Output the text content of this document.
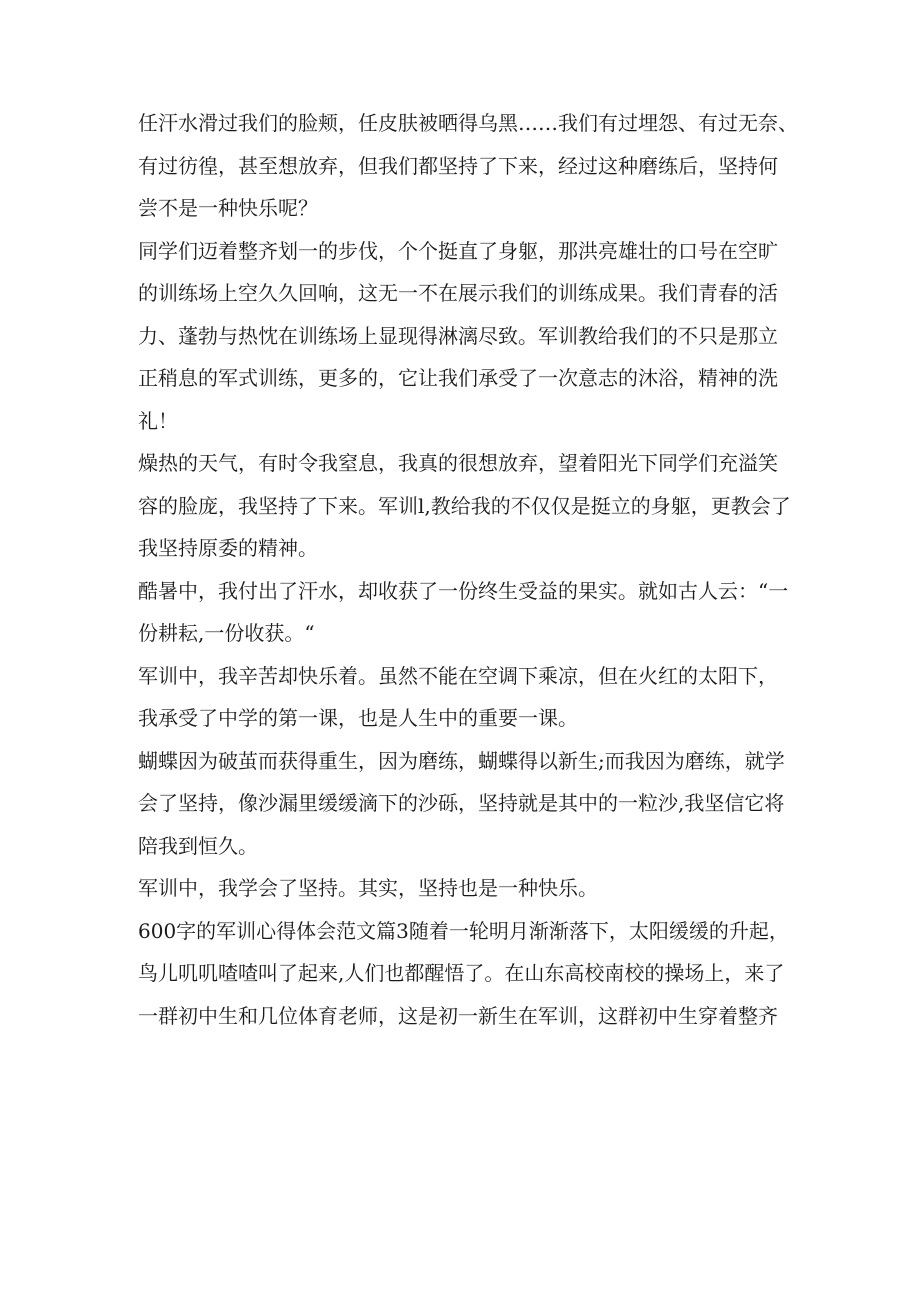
任汗水滑过我们的脸颊，任皮肤被晒得乌黑……我们有过埋怨、有过无奈、
有过彷徨，甚至想放弃，但我们都坚持了下来，经过这种磨练后，坚持何
尝不是一种快乐呢？
同学们迈着整齐划一的步伐，个个挺直了身躯，那洪亮雄壮的口号在空旷
的训练场上空久久回响，这无一不在展示我们的训练成果。我们青春的活
力、蓬勃与热忱在训练场上显现得淋漓尽致。军训教给我们的不只是那立
正稍息的军式训练，更多的，它让我们承受了一次意志的沐浴，精神的洗
礼！
燥热的天气，有时令我窒息，我真的很想放弃，望着阳光下同学们充溢笑
容的脸庞，我坚持了下来。军训l,教给我的不仅仅是挺立的身躯，更教会了
我坚持原委的精神。
酷暑中，我付出了汗水，却收获了一份终生受益的果实。就如古人云：“一
份耕耘,一份收获。“
军训中，我辛苦却快乐着。虽然不能在空调下乘凉，但在火红的太阳下，
我承受了中学的第一课，也是人生中的重要一课。
蝴蝶因为破茧而获得重生，因为磨练，蝴蝶得以新生;而我因为磨练，就学
会了坚持，像沙漏里缓缓滴下的沙砾，坚持就是其中的一粒沙,我坚信它将
陪我到恒久。
军训中，我学会了坚持。其实，坚持也是一种快乐。
600字的军训心得体会范文篇3随着一轮明月渐渐落下，太阳缓缓的升起，
鸟儿叽叽喳喳叫了起来,人们也都醒悟了。在山东高校南校的操场上，来了
一群初中生和几位体育老师，这是初一新生在军训，这群初中生穿着整齐
